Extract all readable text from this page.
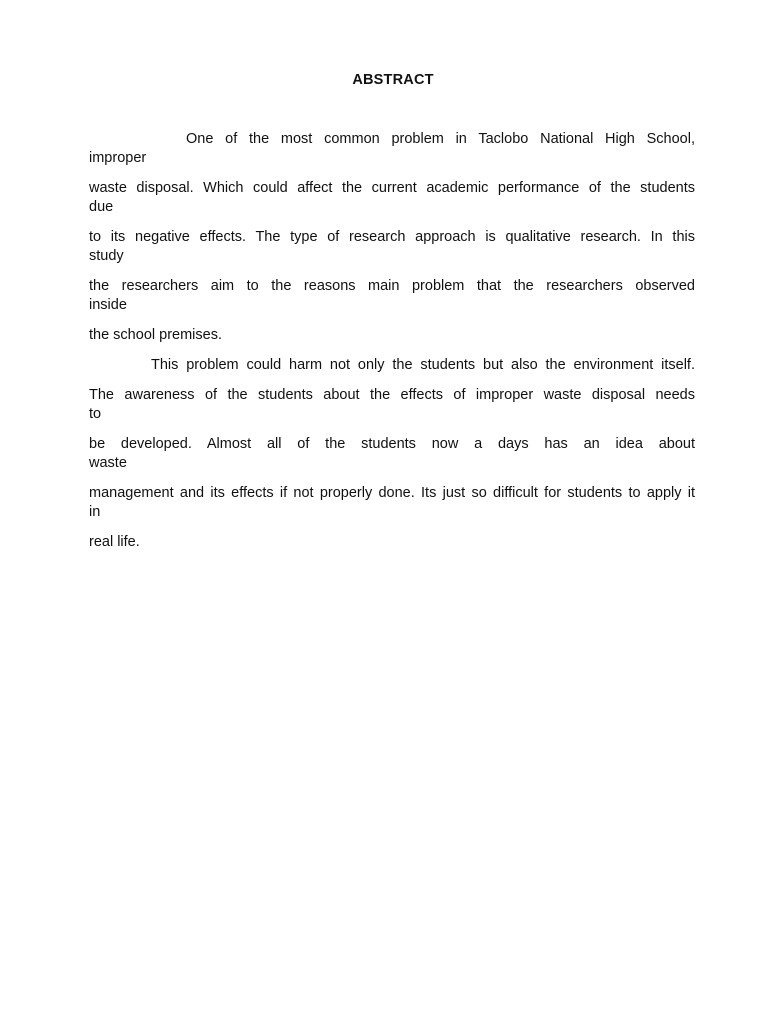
ABSTRACT
One of the most common problem in Taclobo National High School,
improper
waste disposal. Which could affect the current academic performance of the students
due
to its negative effects. The type of research approach is qualitative research. In this
study
the researchers aim to the reasons main problem that the researchers observed
inside
the school premises.
This problem could harm not only the students but also the environment itself.
The awareness of the students about the effects of improper waste disposal needs
to
be developed. Almost all of the students now a days has an idea about
waste
management and its effects if not properly done. Its just so difficult for students to apply it
in
real life.
